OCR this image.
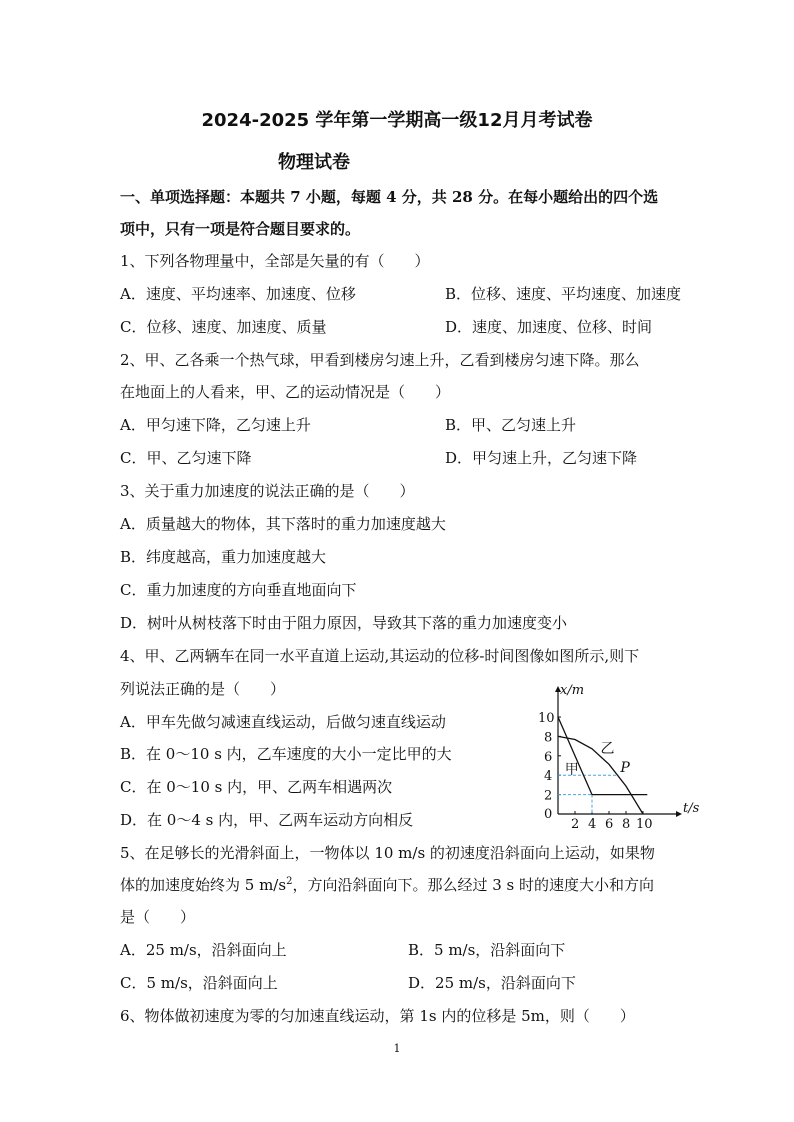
2024-2025 学年第一学期高一级12月月考试卷
物理试卷
一、单项选择题：本题共 7 小题，每题 4 分，共 28 分。在每小题给出的四个选
项中，只有一项是符合题目要求的。
1、下列各物理量中，全部是矢量的有（　　）
A．速度、平均速率、加速度、位移	B．位移、速度、平均速度、加速度
C．位移、速度、加速度、质量	D．速度、加速度、位移、时间
2、甲、乙各乘一个热气球，甲看到楼房匀速上升，乙看到楼房匀速下降。那么
在地面上的人看来，甲、乙的运动情况是（　　）
A．甲匀速下降，乙匀速上升	B．甲、乙匀速上升
C．甲、乙匀速下降	D．甲匀速上升，乙匀速下降
3、关于重力加速度的说法正确的是（　　）
A．质量越大的物体，其下落时的重力加速度越大
B．纬度越高，重力加速度越大
C．重力加速度的方向垂直地面向下
D．树叶从树枝落下时由于阻力原因，导致其下落的重力加速度变小
4、甲、乙两辆车在同一水平直道上运动,其运动的位移-时间图像如图所示,则下
列说法正确的是（　　）
A．甲车先做匀减速直线运动，后做匀速直线运动
B．在 0～10 s 内，乙车速度的大小一定比甲的大
C．在 0～10 s 内，甲、乙两车相遇两次
D．在 0～4 s 内，甲、乙两车运动方向相反
x/m
t/s
0
2
4
6
8
10
2 4 6 8 10
甲
乙
P
5、在足够长的光滑斜面上，一物体以 10 m/s 的初速度沿斜面向上运动，如果物
体的加速度始终为 5 $m/s^2$，方向沿斜面向下。那么经过 3 s 时的速度大小和方向
是（　　）
A．25 m/s，沿斜面向上	B．5 m/s，沿斜面向下
C．5 m/s，沿斜面向上	D．25 m/s，沿斜面向下
6、物体做初速度为零的匀加速直线运动，第 1s 内的位移是 5m，则（　　）
1
